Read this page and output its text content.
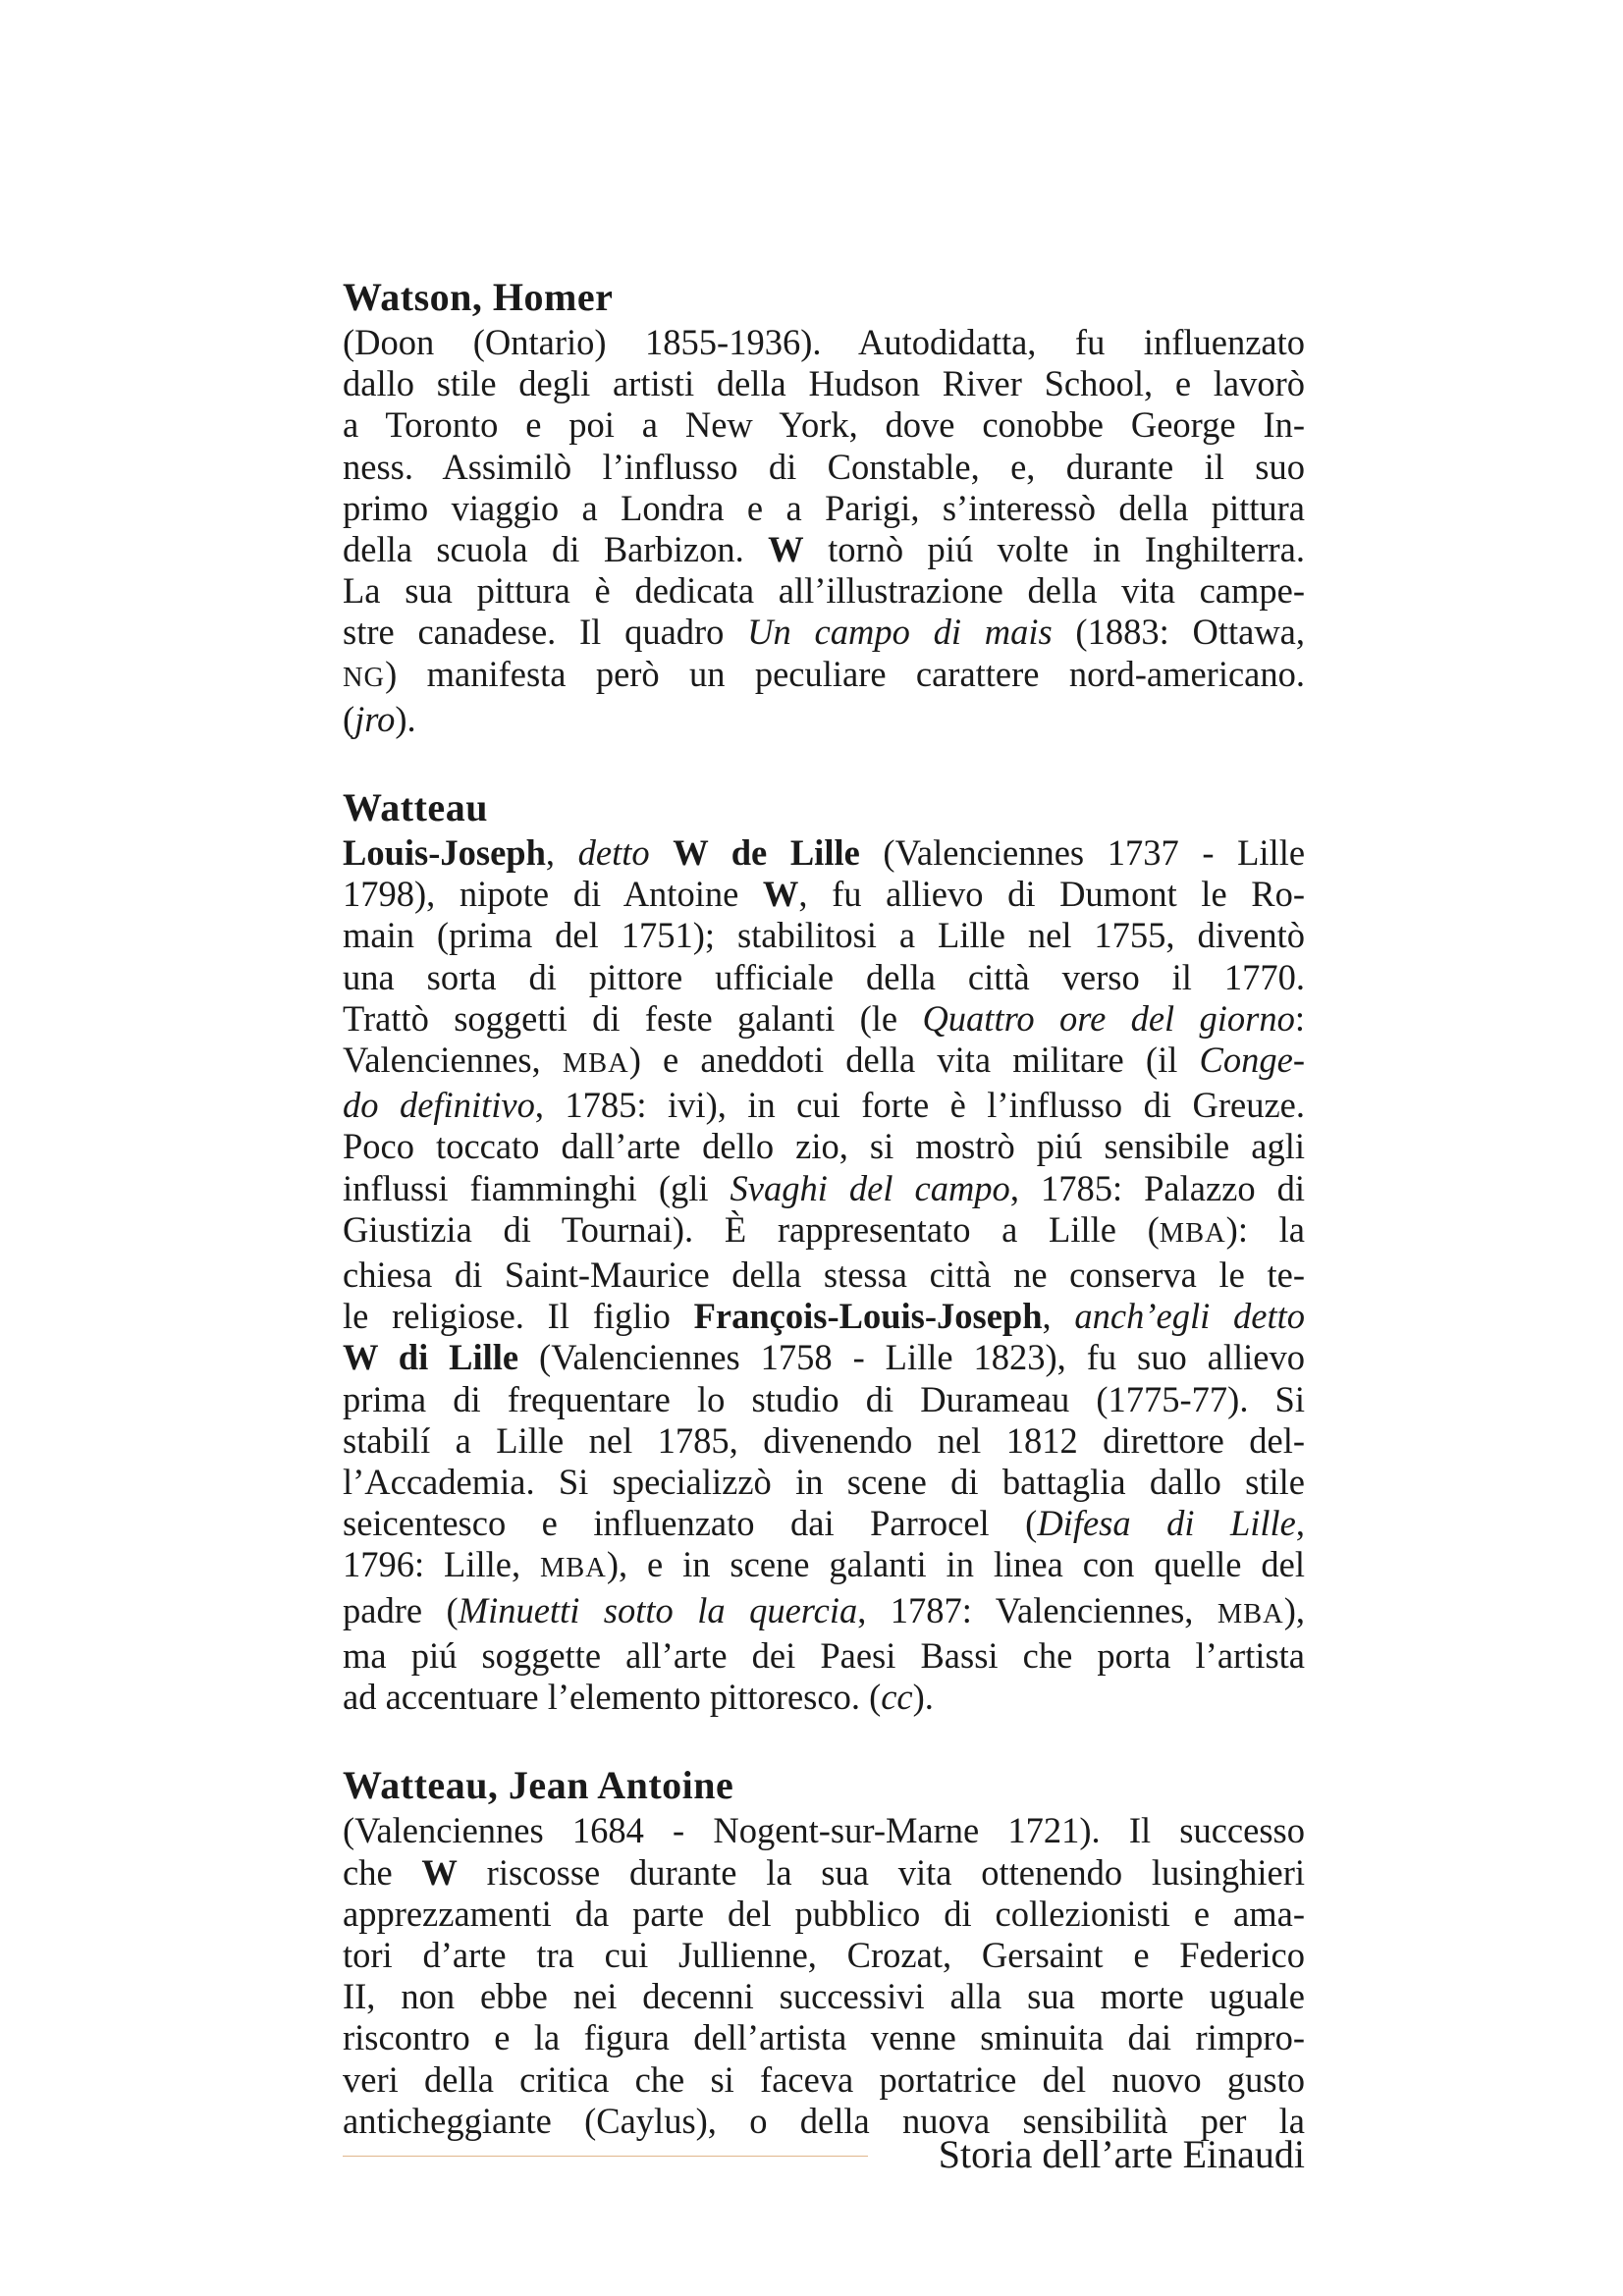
Watson, Homer
(Doon (Ontario) 1855-1936). Autodidatta, fu influenzato
dallo stile degli artisti della Hudson River School, e lavorò
a Toronto e poi a New York, dove conobbe George In-
ness. Assimilò l’influsso di Constable, e, durante il suo
primo viaggio a Londra e a Parigi, s’interessò della pittura
della scuola di Barbizon. W tornò piú volte in Inghilterra.
La sua pittura è dedicata all’illustrazione della vita campe-
stre canadese. Il quadro Un campo di mais (1883: Ottawa,
NG) manifesta però un peculiare carattere nord-americano.
(jro).
Watteau
Louis-Joseph, detto W de Lille (Valenciennes 1737 - Lille
1798), nipote di Antoine W, fu allievo di Dumont le Ro-
main (prima del 1751); stabilitosi a Lille nel 1755, diventò
una sorta di pittore ufficiale della città verso il 1770.
Trattò soggetti di feste galanti (le Quattro ore del giorno:
Valenciennes, MBA) e aneddoti della vita militare (il Conge-
do definitivo, 1785: ivi), in cui forte è l’influsso di Greuze.
Poco toccato dall’arte dello zio, si mostrò piú sensibile agli
influssi fiamminghi (gli Svaghi del campo, 1785: Palazzo di
Giustizia di Tournai). È rappresentato a Lille (MBA): la
chiesa di Saint-Maurice della stessa città ne conserva le te-
le religiose. Il figlio François-Louis-Joseph, anch’egli detto
W di Lille (Valenciennes 1758 - Lille 1823), fu suo allievo
prima di frequentare lo studio di Durameau (1775-77). Si
stabilí a Lille nel 1785, divenendo nel 1812 direttore del-
l’Accademia. Si specializzò in scene di battaglia dallo stile
seicentesco e influenzato dai Parrocel (Difesa di Lille,
1796: Lille, MBA), e in scene galanti in linea con quelle del
padre (Minuetti sotto la quercia, 1787: Valenciennes, MBA),
ma piú soggette all’arte dei Paesi Bassi che porta l’artista
ad accentuare l’elemento pittoresco. (cc).
Watteau, Jean Antoine
(Valenciennes 1684 - Nogent-sur-Marne 1721). Il successo
che W riscosse durante la sua vita ottenendo lusinghieri
apprezzamenti da parte del pubblico di collezionisti e ama-
tori d’arte tra cui Jullienne, Crozat, Gersaint e Federico
II, non ebbe nei decenni successivi alla sua morte uguale
riscontro e la figura dell’artista venne sminuita dai rimpro-
veri della critica che si faceva portatrice del nuovo gusto
anticheggiante (Caylus), o della nuova sensibilità per la
Storia dell’arte Einaudi
